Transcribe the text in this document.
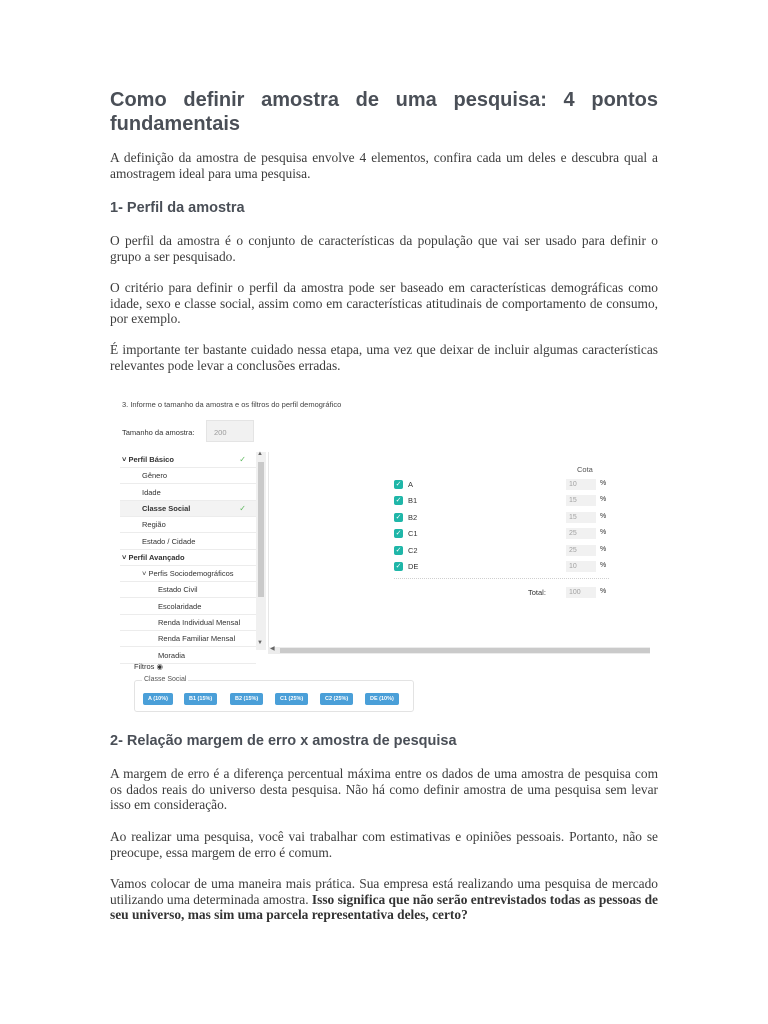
Como definir amostra de uma pesquisa: 4 pontos fundamentais

A definição da amostra de pesquisa envolve 4 elementos, confira cada um deles e descubra qual a amostragem ideal para uma pesquisa.

1- Perfil da amostra

O perfil da amostra é o conjunto de características da população que vai ser usado para definir o grupo a ser pesquisado.

O critério para definir o perfil da amostra pode ser baseado em características demográficas como idade, sexo e classe social, assim como em características atitudinais de comportamento de consumo, por exemplo.

É importante ter bastante cuidado nessa etapa, uma vez que deixar de incluir algumas características relevantes pode levar a conclusões erradas.

2- Relação margem de erro x amostra de pesquisa

A margem de erro é a diferença percentual máxima entre os dados de uma amostra de pesquisa com os dados reais do universo desta pesquisa. Não há como definir amostra de uma pesquisa sem levar isso em consideração.

Ao realizar uma pesquisa, você vai trabalhar com estimativas e opiniões pessoais. Portanto, não se preocupe, essa margem de erro é comum.

Vamos colocar de uma maneira mais prática. Sua empresa está realizando uma pesquisa de mercado utilizando uma determinada amostra. Isso significa que não serão entrevistados todas as pessoas de seu universo, mas sim uma parcela representativa deles, certo?

3. Informe o tamanho da amostra e os filtros do perfil demográfico
Tamanho da amostra:	200
Moradia
Renda Familiar Mensal
Renda Individual Mensal
Escolaridade
Estado Civil
˅ Perfis Sociodemográficos
˅ Perfil Avançado
Estado / Cidade
Região
Classe Social	✓
Idade
Gênero
˅ Perfil Básico	✓
▲
▼
◀
Cota
✓ A	10	%
✓ B1	15	%
✓ B2	15	%
✓ C1	25	%
✓ C2	25	%
✓ DE	10	%
Total:	100	%
Filtros ◉
Classe Social
A (10%)	B1 (15%)	B2 (15%)	C1 (25%)	C2 (25%)	DE (10%)
